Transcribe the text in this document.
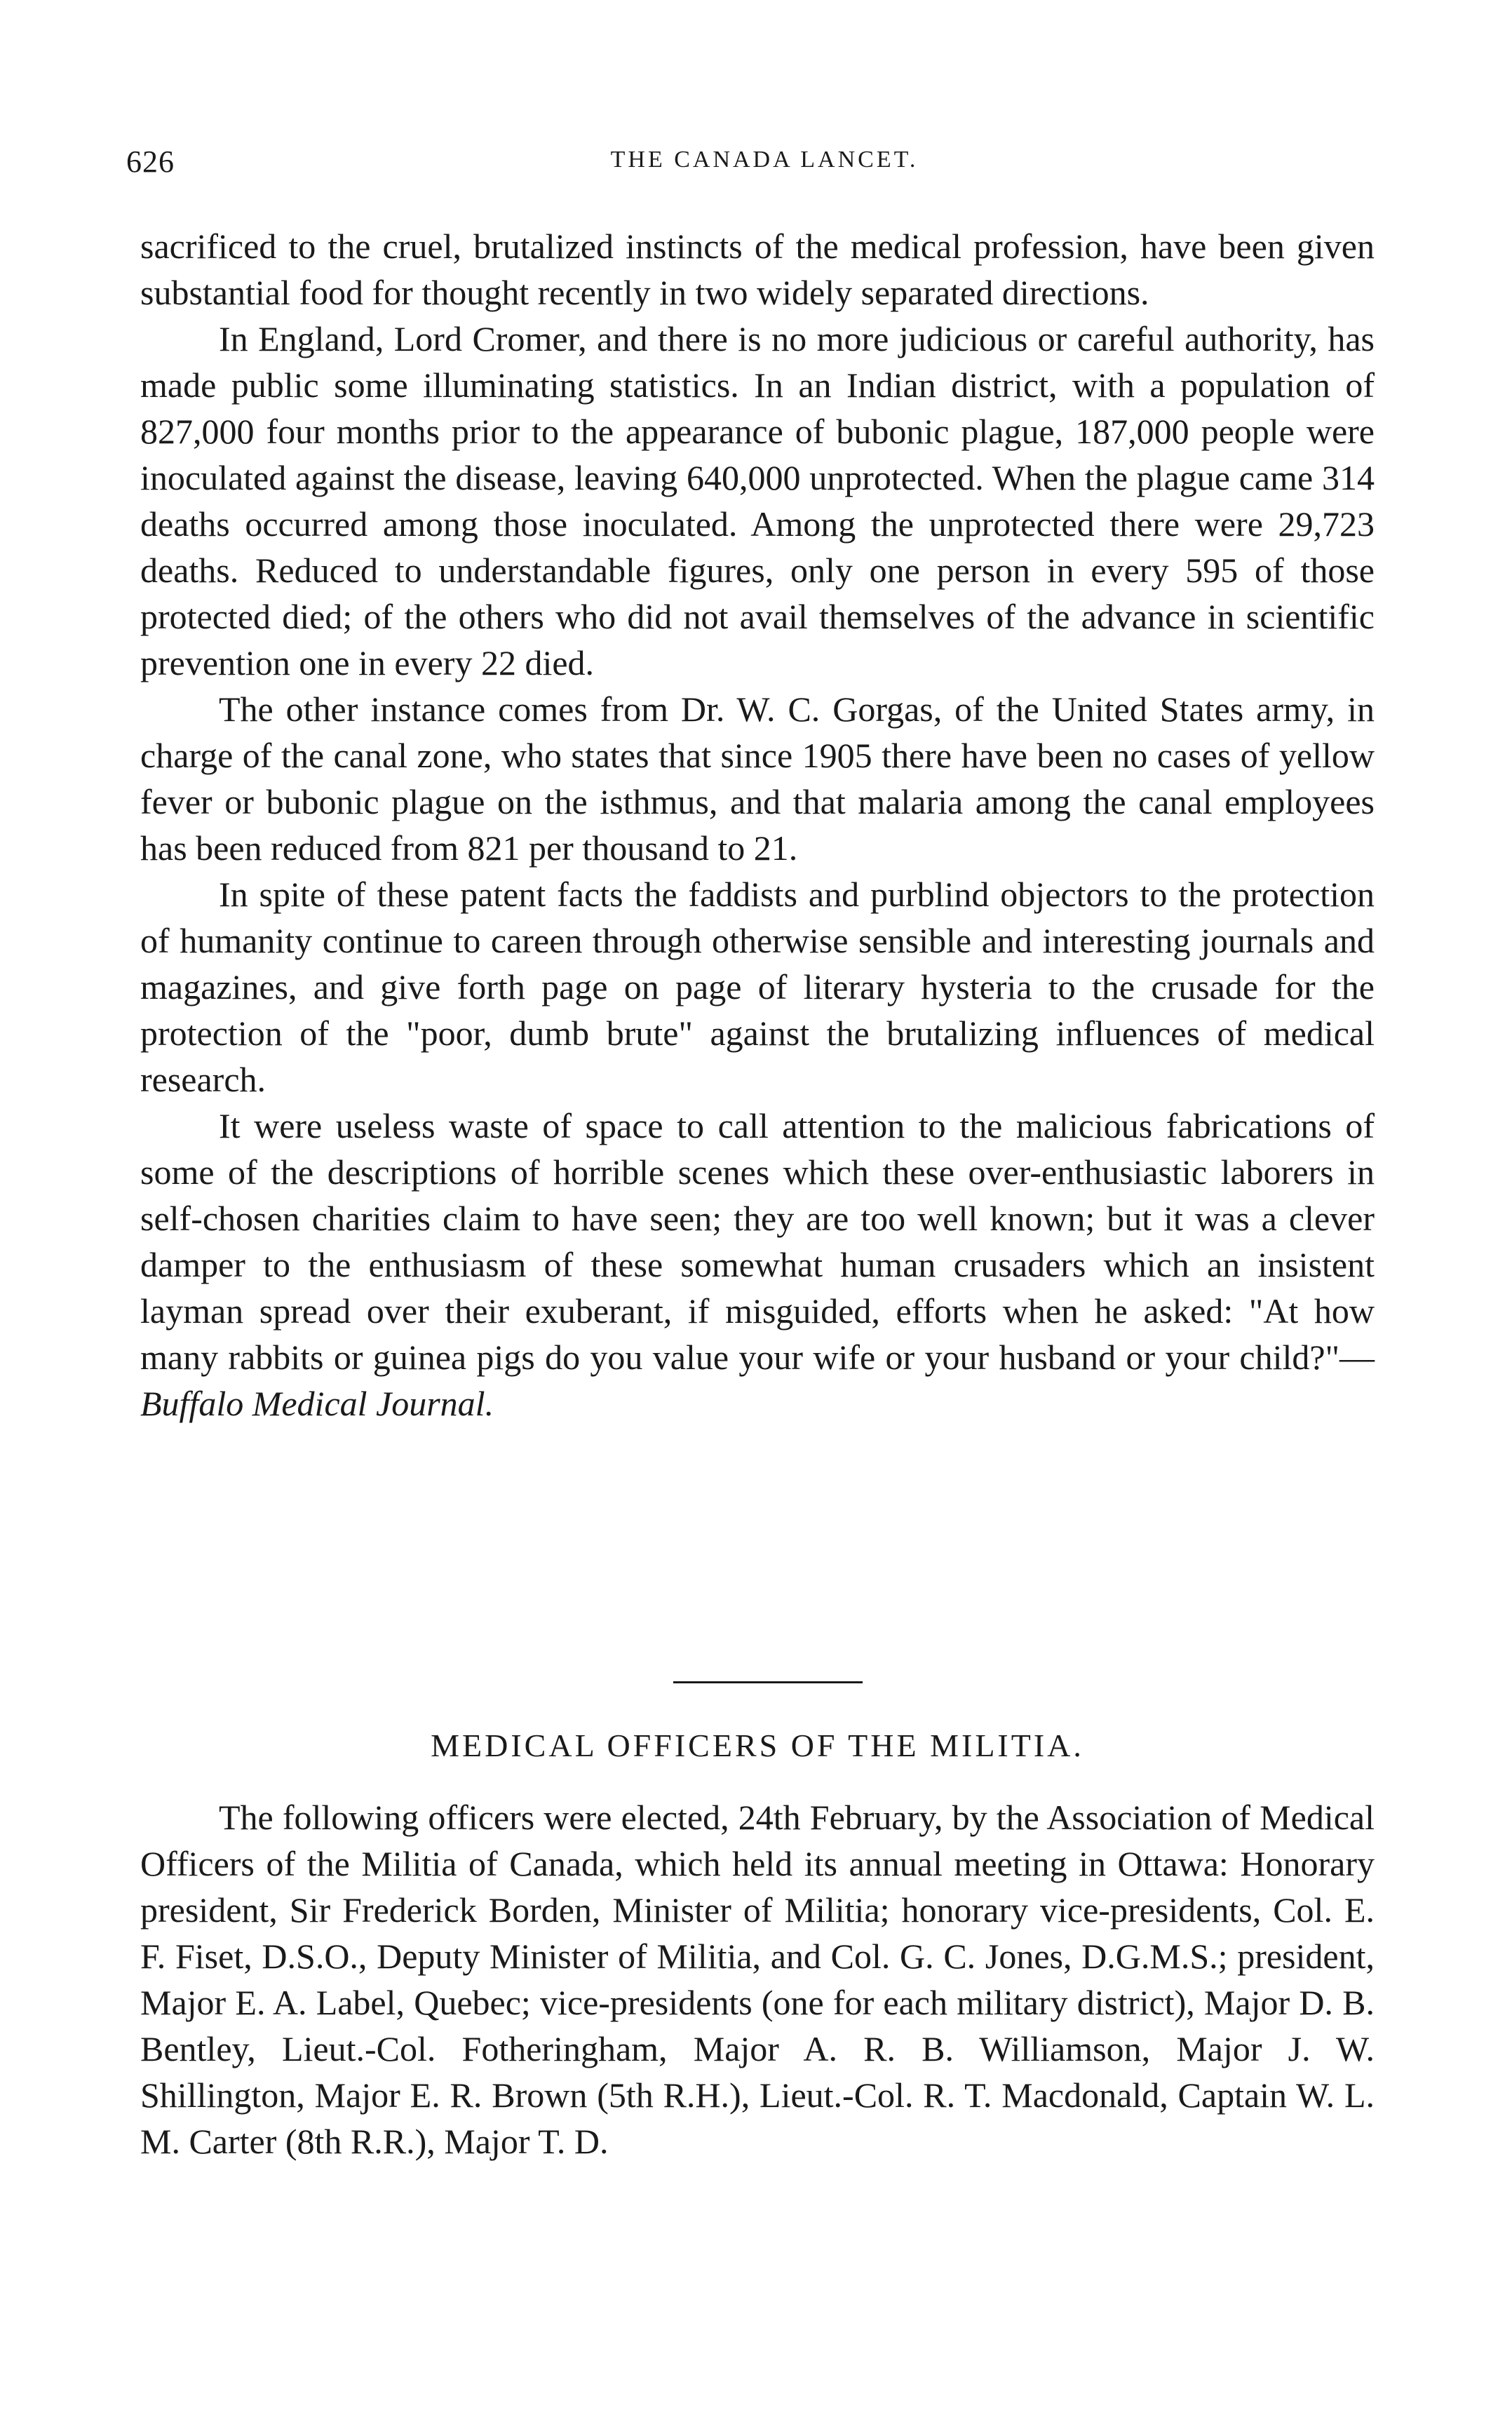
626	THE CANADA LANCET.

sacrificed to the cruel, brutalized instincts of the medical profession, have been given substantial food for thought recently in two widely separated directions.

In England, Lord Cromer, and there is no more judicious or careful authority, has made public some illuminating statistics. In an Indian district, with a population of 827,000 four months prior to the appearance of bubonic plague, 187,000 people were inoculated against the disease, leaving 640,000 unprotected. When the plague came 314 deaths occurred among those inoculated. Among the unprotected there were 29,723 deaths. Reduced to understandable figures, only one person in every 595 of those protected died; of the others who did not avail themselves of the advance in scientific prevention one in every 22 died.

The other instance comes from Dr. W. C. Gorgas, of the United States army, in charge of the canal zone, who states that since 1905 there have been no cases of yellow fever or bubonic plague on the isthmus, and that malaria among the canal employees has been reduced from 821 per thousand to 21.

In spite of these patent facts the faddists and purblind objectors to the protection of humanity continue to careen through otherwise sensible and interesting journals and magazines, and give forth page on page of literary hysteria to the crusade for the protection of the "poor, dumb brute" against the brutalizing influences of medical research.

It were useless waste of space to call attention to the malicious fabrications of some of the descriptions of horrible scenes which these over-enthusiastic laborers in self-chosen charities claim to have seen; they are too well known; but it was a clever damper to the enthusiasm of these somewhat human crusaders which an insistent layman spread over their exuberant, if misguided, efforts when he asked: "At how many rabbits or guinea pigs do you value your wife or your husband or your child?"—Buffalo Medical Journal.

MEDICAL OFFICERS OF THE MILITIA.

The following officers were elected, 24th February, by the Association of Medical Officers of the Militia of Canada, which held its annual meeting in Ottawa: Honorary president, Sir Frederick Borden, Minister of Militia; honorary vice-presidents, Col. E. F. Fiset, D.S.O., Deputy Minister of Militia, and Col. G. C. Jones, D.G.M.S.; president, Major E. A. Label, Quebec; vice-presidents (one for each military district), Major D. B. Bentley, Lieut.-Col. Fotheringham, Major A. R. B. Williamson, Major J. W. Shillington, Major E. R. Brown (5th R.H.), Lieut.-Col. R. T. Macdonald, Captain W. L. M. Carter (8th R.R.), Major T. D.
